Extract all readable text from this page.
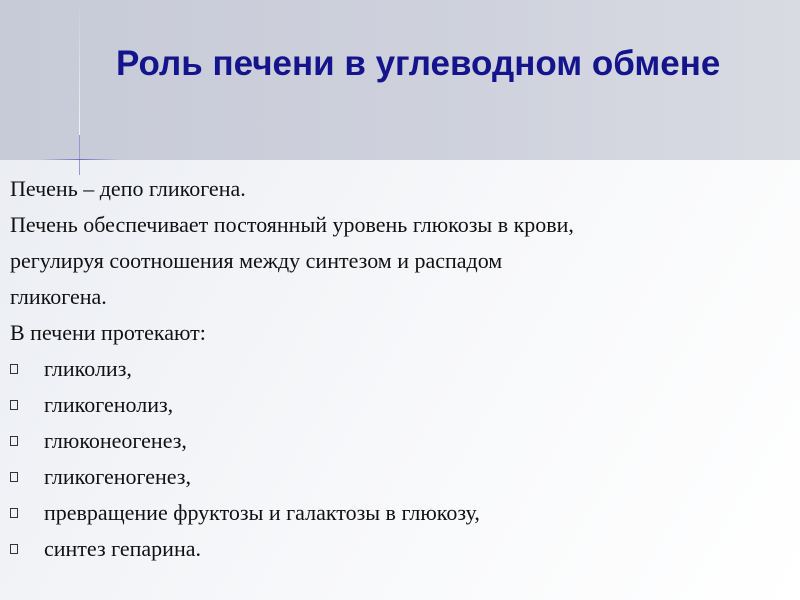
Роль печени в углеводном обмене

Печень – депо гликогена.

Печень обеспечивает постоянный уровень глюкозы в крови,

регулируя соотношения между синтезом и распадом

гликогена.

В печени протекают:

гликолиз,
гликогенолиз,
глюконеогенез,
гликогеногенез,
превращение фруктозы и галактозы в глюкозу,
синтез гепарина.
